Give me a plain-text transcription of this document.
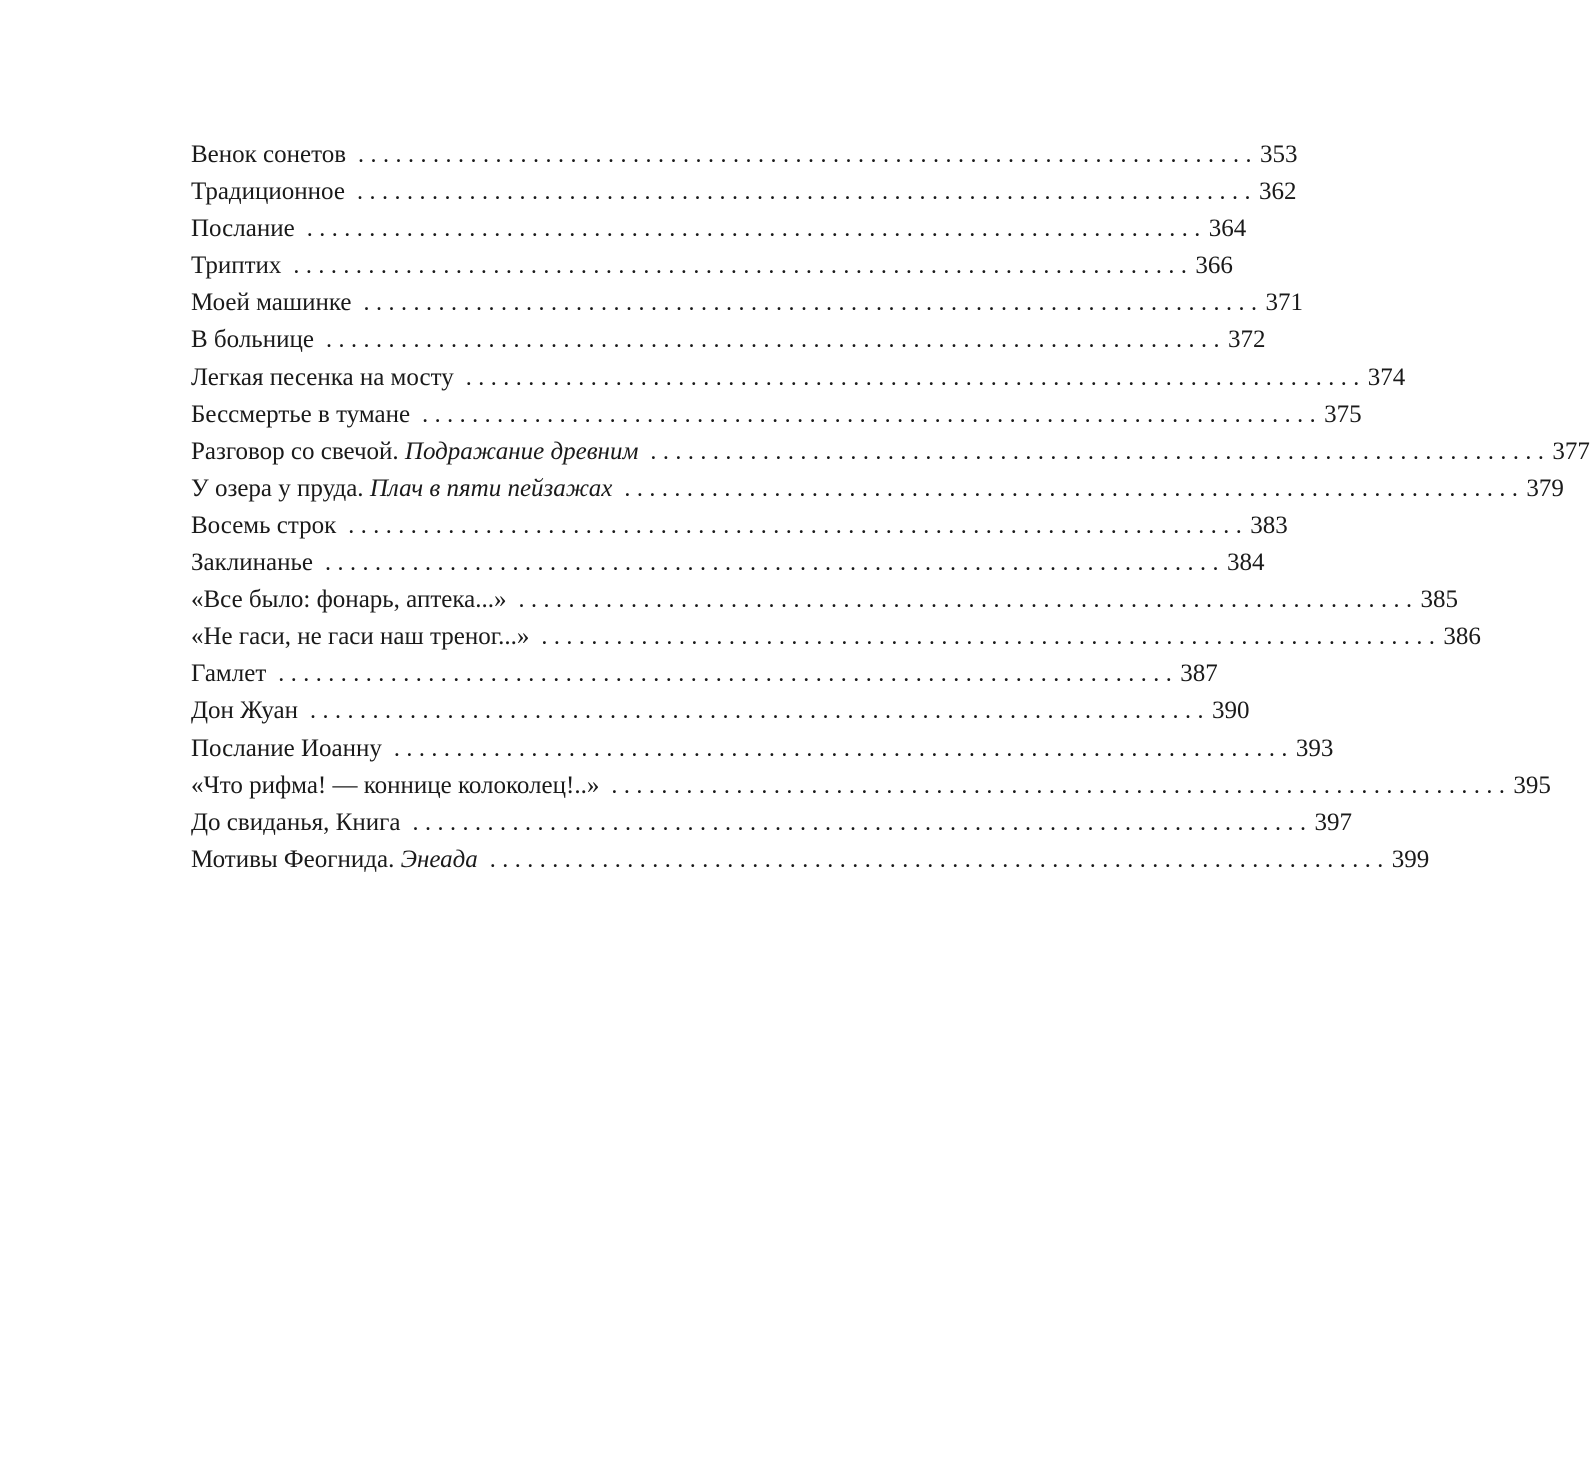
Венок сонетов ........................................................................ 353
Традиционное ........................................................................ 362
Послание ........................................................................ 364
Триптих ........................................................................ 366
Моей машинке ........................................................................ 371
В больнице ........................................................................ 372
Легкая песенка на мосту ........................................................................ 374
Бессмертье в тумане ........................................................................ 375
Разговор со свечой. Подражание древним ........................................................................ 377
У озера у пруда. Плач в пяти пейзажах ........................................................................ 379
Восемь строк ........................................................................ 383
Заклинанье ........................................................................ 384
«Все было: фонарь, аптека...» ........................................................................ 385
«Не гаси, не гаси наш треног...» ........................................................................ 386
Гамлет ........................................................................ 387
Дон Жуан ........................................................................ 390
Послание Иоанну ........................................................................ 393
«Что рифма! — коннице колоколец!..» ........................................................................ 395
До свиданья, Книга ........................................................................ 397
Мотивы Феогнида. Энеада ........................................................................ 399
